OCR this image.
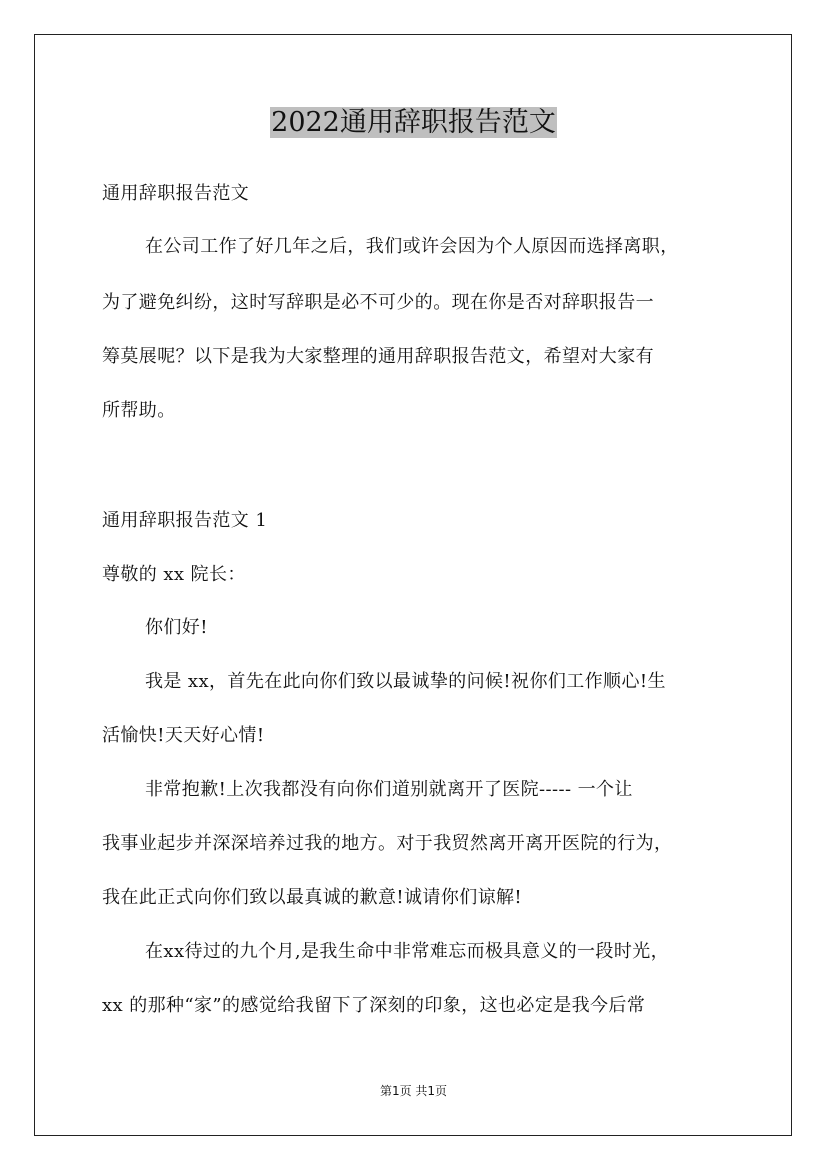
2022通用辞职报告范文
通用辞职报告范文
在公司工作了好几年之后，我们或许会因为个人原因而选择离职，
为了避免纠纷，这时写辞职是必不可少的。现在你是否对辞职报告一
筹莫展呢？以下是我为大家整理的通用辞职报告范文，希望对大家有
所帮助。
通用辞职报告范文 1
尊敬的 xx 院长：
你们好!
我是 xx，首先在此向你们致以最诚挚的问候!祝你们工作顺心!生
活愉快!天天好心情!
非常抱歉!上次我都没有向你们道别就离开了医院----- 一个让
我事业起步并深深培养过我的地方。对于我贸然离开离开医院的行为，
我在此正式向你们致以最真诚的歉意!诚请你们谅解!
在xx待过的九个月,是我生命中非常难忘而极具意义的一段时光，
xx 的那种“家”的感觉给我留下了深刻的印象，这也必定是我今后常
第1页 共1页
